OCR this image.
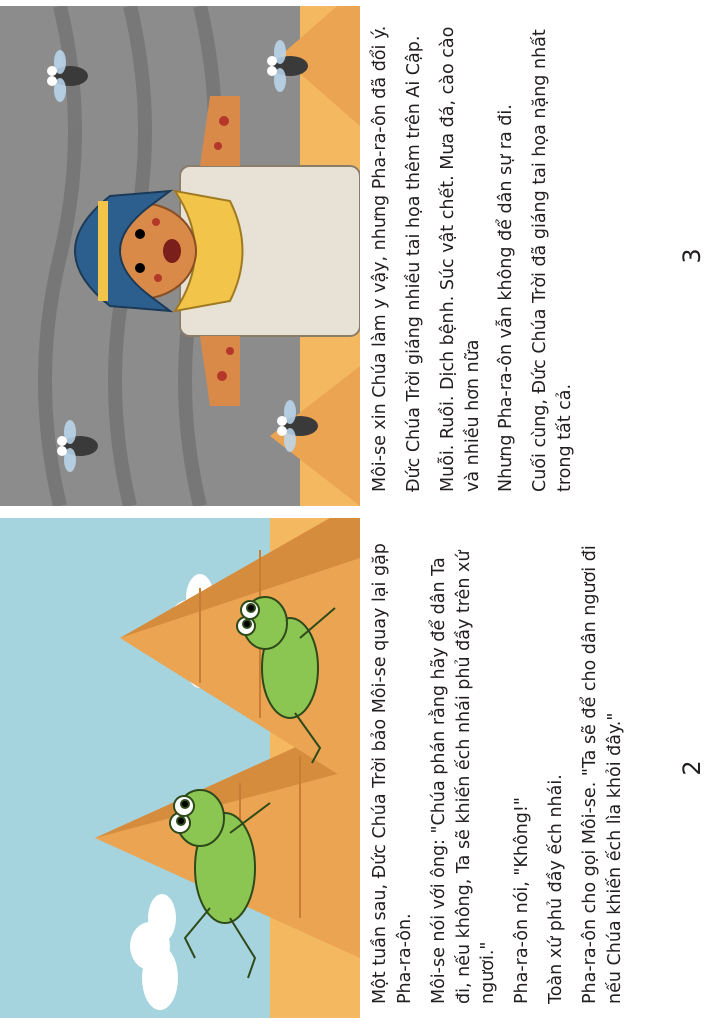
Một tuần sau, Đức Chúa Trời bảo Môi-se quay lại gặp Pha-ra-ôn. Môi-se nói với ông: "Chúa phán rằng hãy để dân Ta đi, nếu không, Ta sẽ khiến ếch nhái phủ đầy trên xứ ngươi." Pha-ra-ôn nói, "Không!" Toàn xứ phủ đầy ếch nhái. Pha-ra-ôn cho gọi Môi-se. "Ta sẽ để cho dân ngươi đi nếu Chúa khiến ếch lìa khỏi đây." 2

Môi-se xin Chúa làm y vậy, nhưng Pha-ra-ôn đã đổi ý. Đức Chúa Trời giáng nhiều tai họa thêm trên Ai Cập. Muỗi. Ruồi. Dịch bệnh. Súc vật chết. Mưa đá, cào cào và nhiều hơn nữa Nhưng Pha-ra-ôn vẫn không để dân sự ra đi. Cuối cùng, Đức Chúa Trời đã giáng tai họa nặng nhất trong tất cả.

3
